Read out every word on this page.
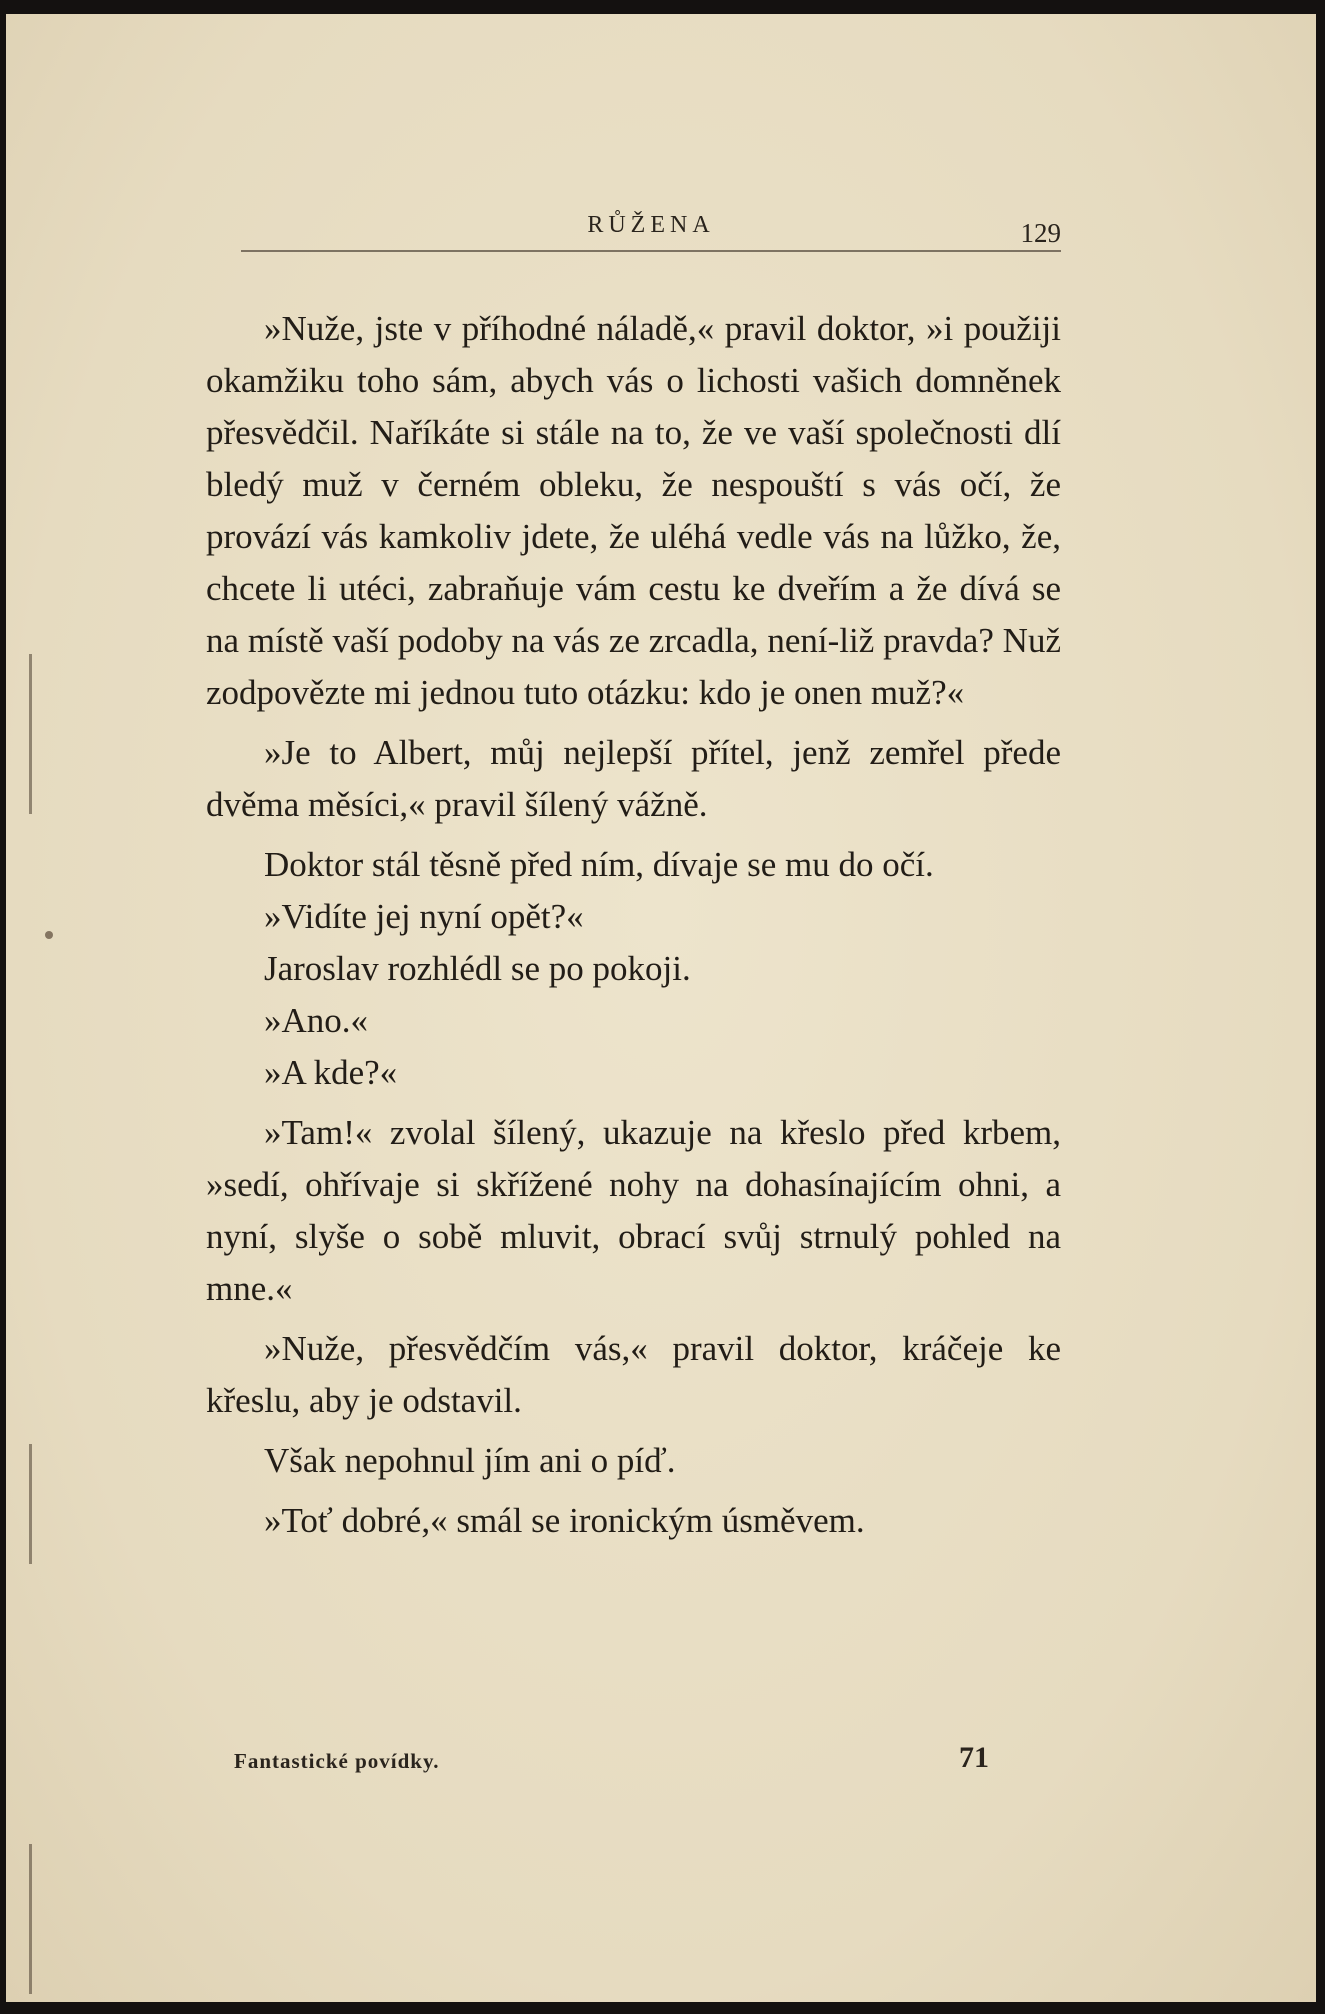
RŮŽENA	129

»Nuže, jste v příhodné náladě,« pravil doktor, »i použiji okamžiku toho sám, abych vás o lichosti vašich domněnek přesvědčil. Naříkáte si stále na to, že ve vaší společnosti dlí bledý muž v černém obleku, že nespouští s vás očí, že provází vás kamkoliv jdete, že uléhá vedle vás na lůžko, že, chcete li utéci, zabraňuje vám cestu ke dveřím a že dívá se na místě vaší podoby na vás ze zrcadla, není-liž pravda? Nuž zodpovězte mi jednou tuto otázku: kdo je onen muž?«

»Je to Albert, můj nejlepší přítel, jenž zemřel přede dvěma měsíci,« pravil šílený vážně.

Doktor stál těsně před ním, dívaje se mu do očí.

»Vidíte jej nyní opět?«

Jaroslav rozhlédl se po pokoji.

»Ano.«

»A kde?«

»Tam!« zvolal šílený, ukazuje na křeslo před krbem, »sedí, ohřívaje si skřížené nohy na dohasínajícím ohni, a nyní, slyše o sobě mluvit, obrací svůj strnulý pohled na mne.«

»Nuže, přesvědčím vás,« pravil doktor, kráčeje ke křeslu, aby je odstavil.

Však nepohnul jím ani o píď.

»Toť dobré,« smál se ironickým úsměvem.

Fantastické povídky.	71
